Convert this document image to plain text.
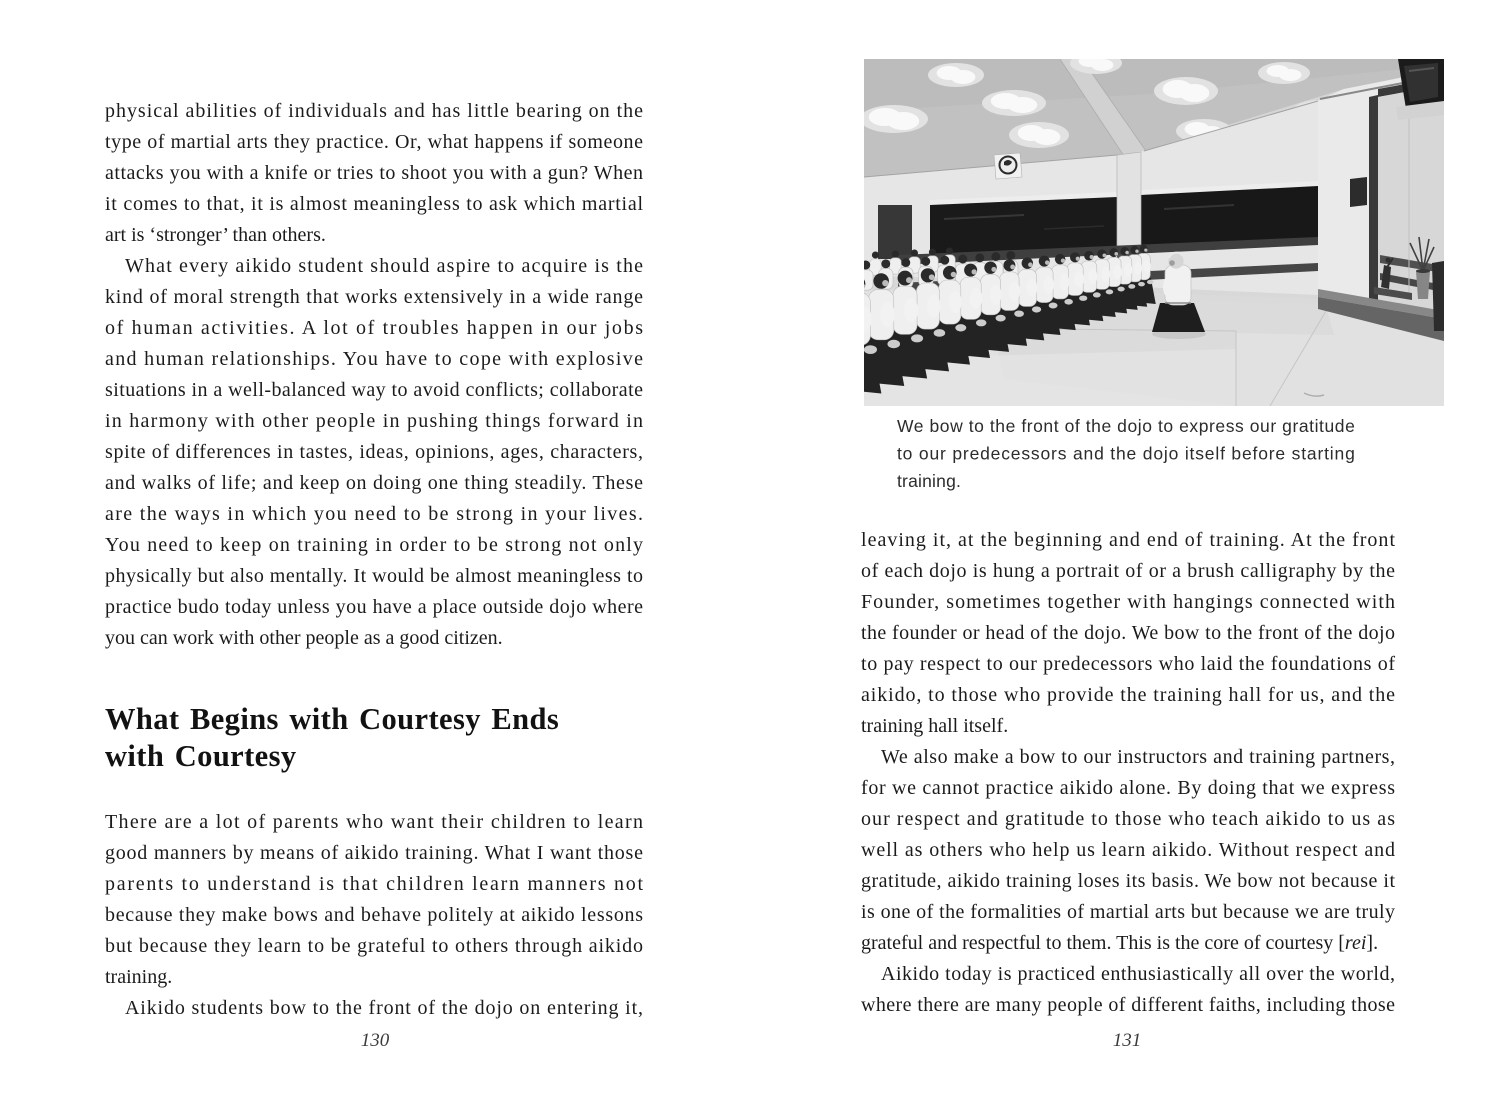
physical abilities of individuals and has little bearing on the
type of martial arts they practice. Or, what happens if someone
attacks you with a knife or tries to shoot you with a gun? When
it comes to that, it is almost meaningless to ask which martial
art is ‘stronger’ than others.
What every aikido student should aspire to acquire is the
kind of moral strength that works extensively in a wide range
of human activities. A lot of troubles happen in our jobs
and human relationships. You have to cope with explosive
situations in a well-balanced way to avoid conflicts; collaborate
in harmony with other people in pushing things forward in
spite of differences in tastes, ideas, opinions, ages, characters,
and walks of life; and keep on doing one thing steadily. These
are the ways in which you need to be strong in your lives.
You need to keep on training in order to be strong not only
physically but also mentally. It would be almost meaningless to
practice budo today unless you have a place outside dojo where
you can work with other people as a good citizen.
What Begins with Courtesy Ends
with Courtesy
There are a lot of parents who want their children to learn
good manners by means of aikido training. What I want those
parents to understand is that children learn manners not
because they make bows and behave politely at aikido lessons
but because they learn to be grateful to others through aikido
training.
Aikido students bow to the front of the dojo on entering it,
130
We bow to the front of the dojo to express our gratitude
to our predecessors and the dojo itself before starting
training.
leaving it, at the beginning and end of training. At the front
of each dojo is hung a portrait of or a brush calligraphy by the
Founder, sometimes together with hangings connected with
the founder or head of the dojo. We bow to the front of the dojo
to pay respect to our predecessors who laid the foundations of
aikido, to those who provide the training hall for us, and the
training hall itself.
We also make a bow to our instructors and training partners,
for we cannot practice aikido alone. By doing that we express
our respect and gratitude to those who teach aikido to us as
well as others who help us learn aikido. Without respect and
gratitude, aikido training loses its basis. We bow not because it
is one of the formalities of martial arts but because we are truly
grateful and respectful to them. This is the core of courtesy [rei].
Aikido today is practiced enthusiastically all over the world,
where there are many people of different faiths, including those
131
